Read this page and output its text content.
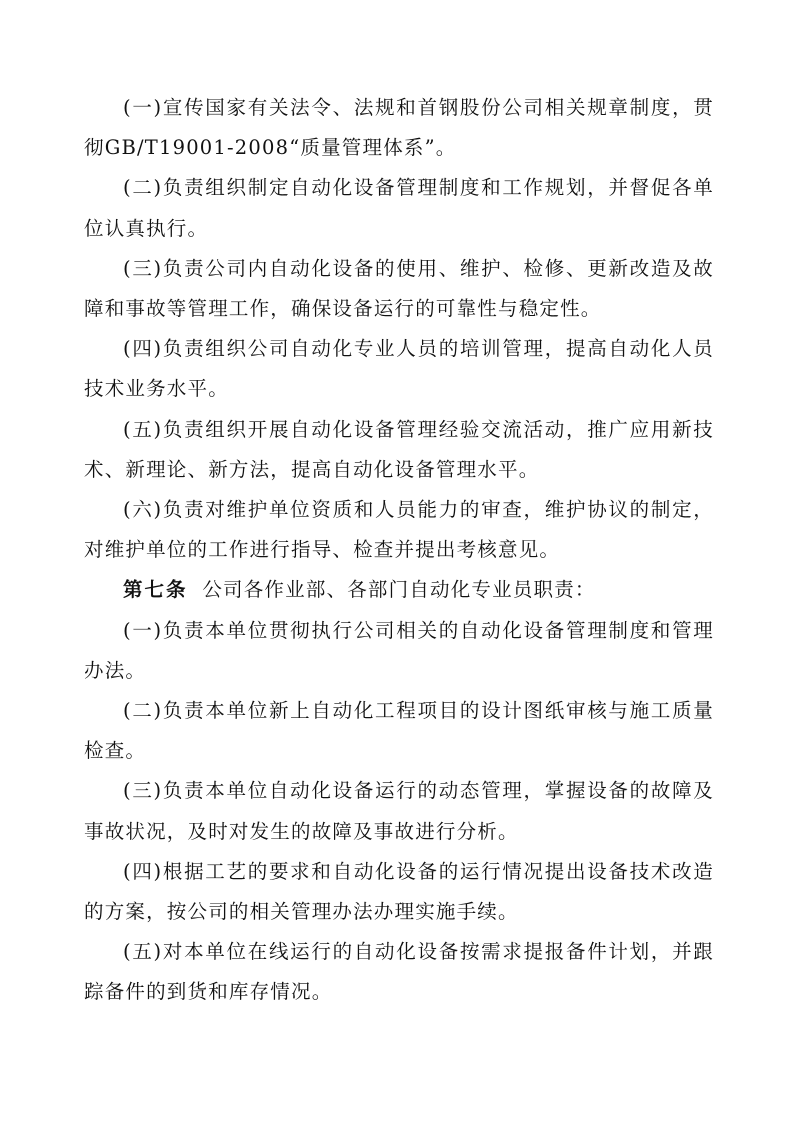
(一)宣传国家有关法令、法规和首钢股份公司相关规章制度，贯彻GB/T19001-2008“质量管理体系”。

(二)负责组织制定自动化设备管理制度和工作规划，并督促各单位认真执行。

(三)负责公司内自动化设备的使用、维护、检修、更新改造及故障和事故等管理工作，确保设备运行的可靠性与稳定性。

(四)负责组织公司自动化专业人员的培训管理，提高自动化人员技术业务水平。

(五)负责组织开展自动化设备管理经验交流活动，推广应用新技术、新理论、新方法，提高自动化设备管理水平。

(六)负责对维护单位资质和人员能力的审查，维护协议的制定，对维护单位的工作进行指导、检查并提出考核意见。

第七条 公司各作业部、各部门自动化专业员职责：

(一)负责本单位贯彻执行公司相关的自动化设备管理制度和管理办法。

(二)负责本单位新上自动化工程项目的设计图纸审核与施工质量检查。

(三)负责本单位自动化设备运行的动态管理，掌握设备的故障及事故状况，及时对发生的故障及事故进行分析。

(四)根据工艺的要求和自动化设备的运行情况提出设备技术改造的方案，按公司的相关管理办法办理实施手续。

(五)对本单位在线运行的自动化设备按需求提报备件计划，并跟踪备件的到货和库存情况。
